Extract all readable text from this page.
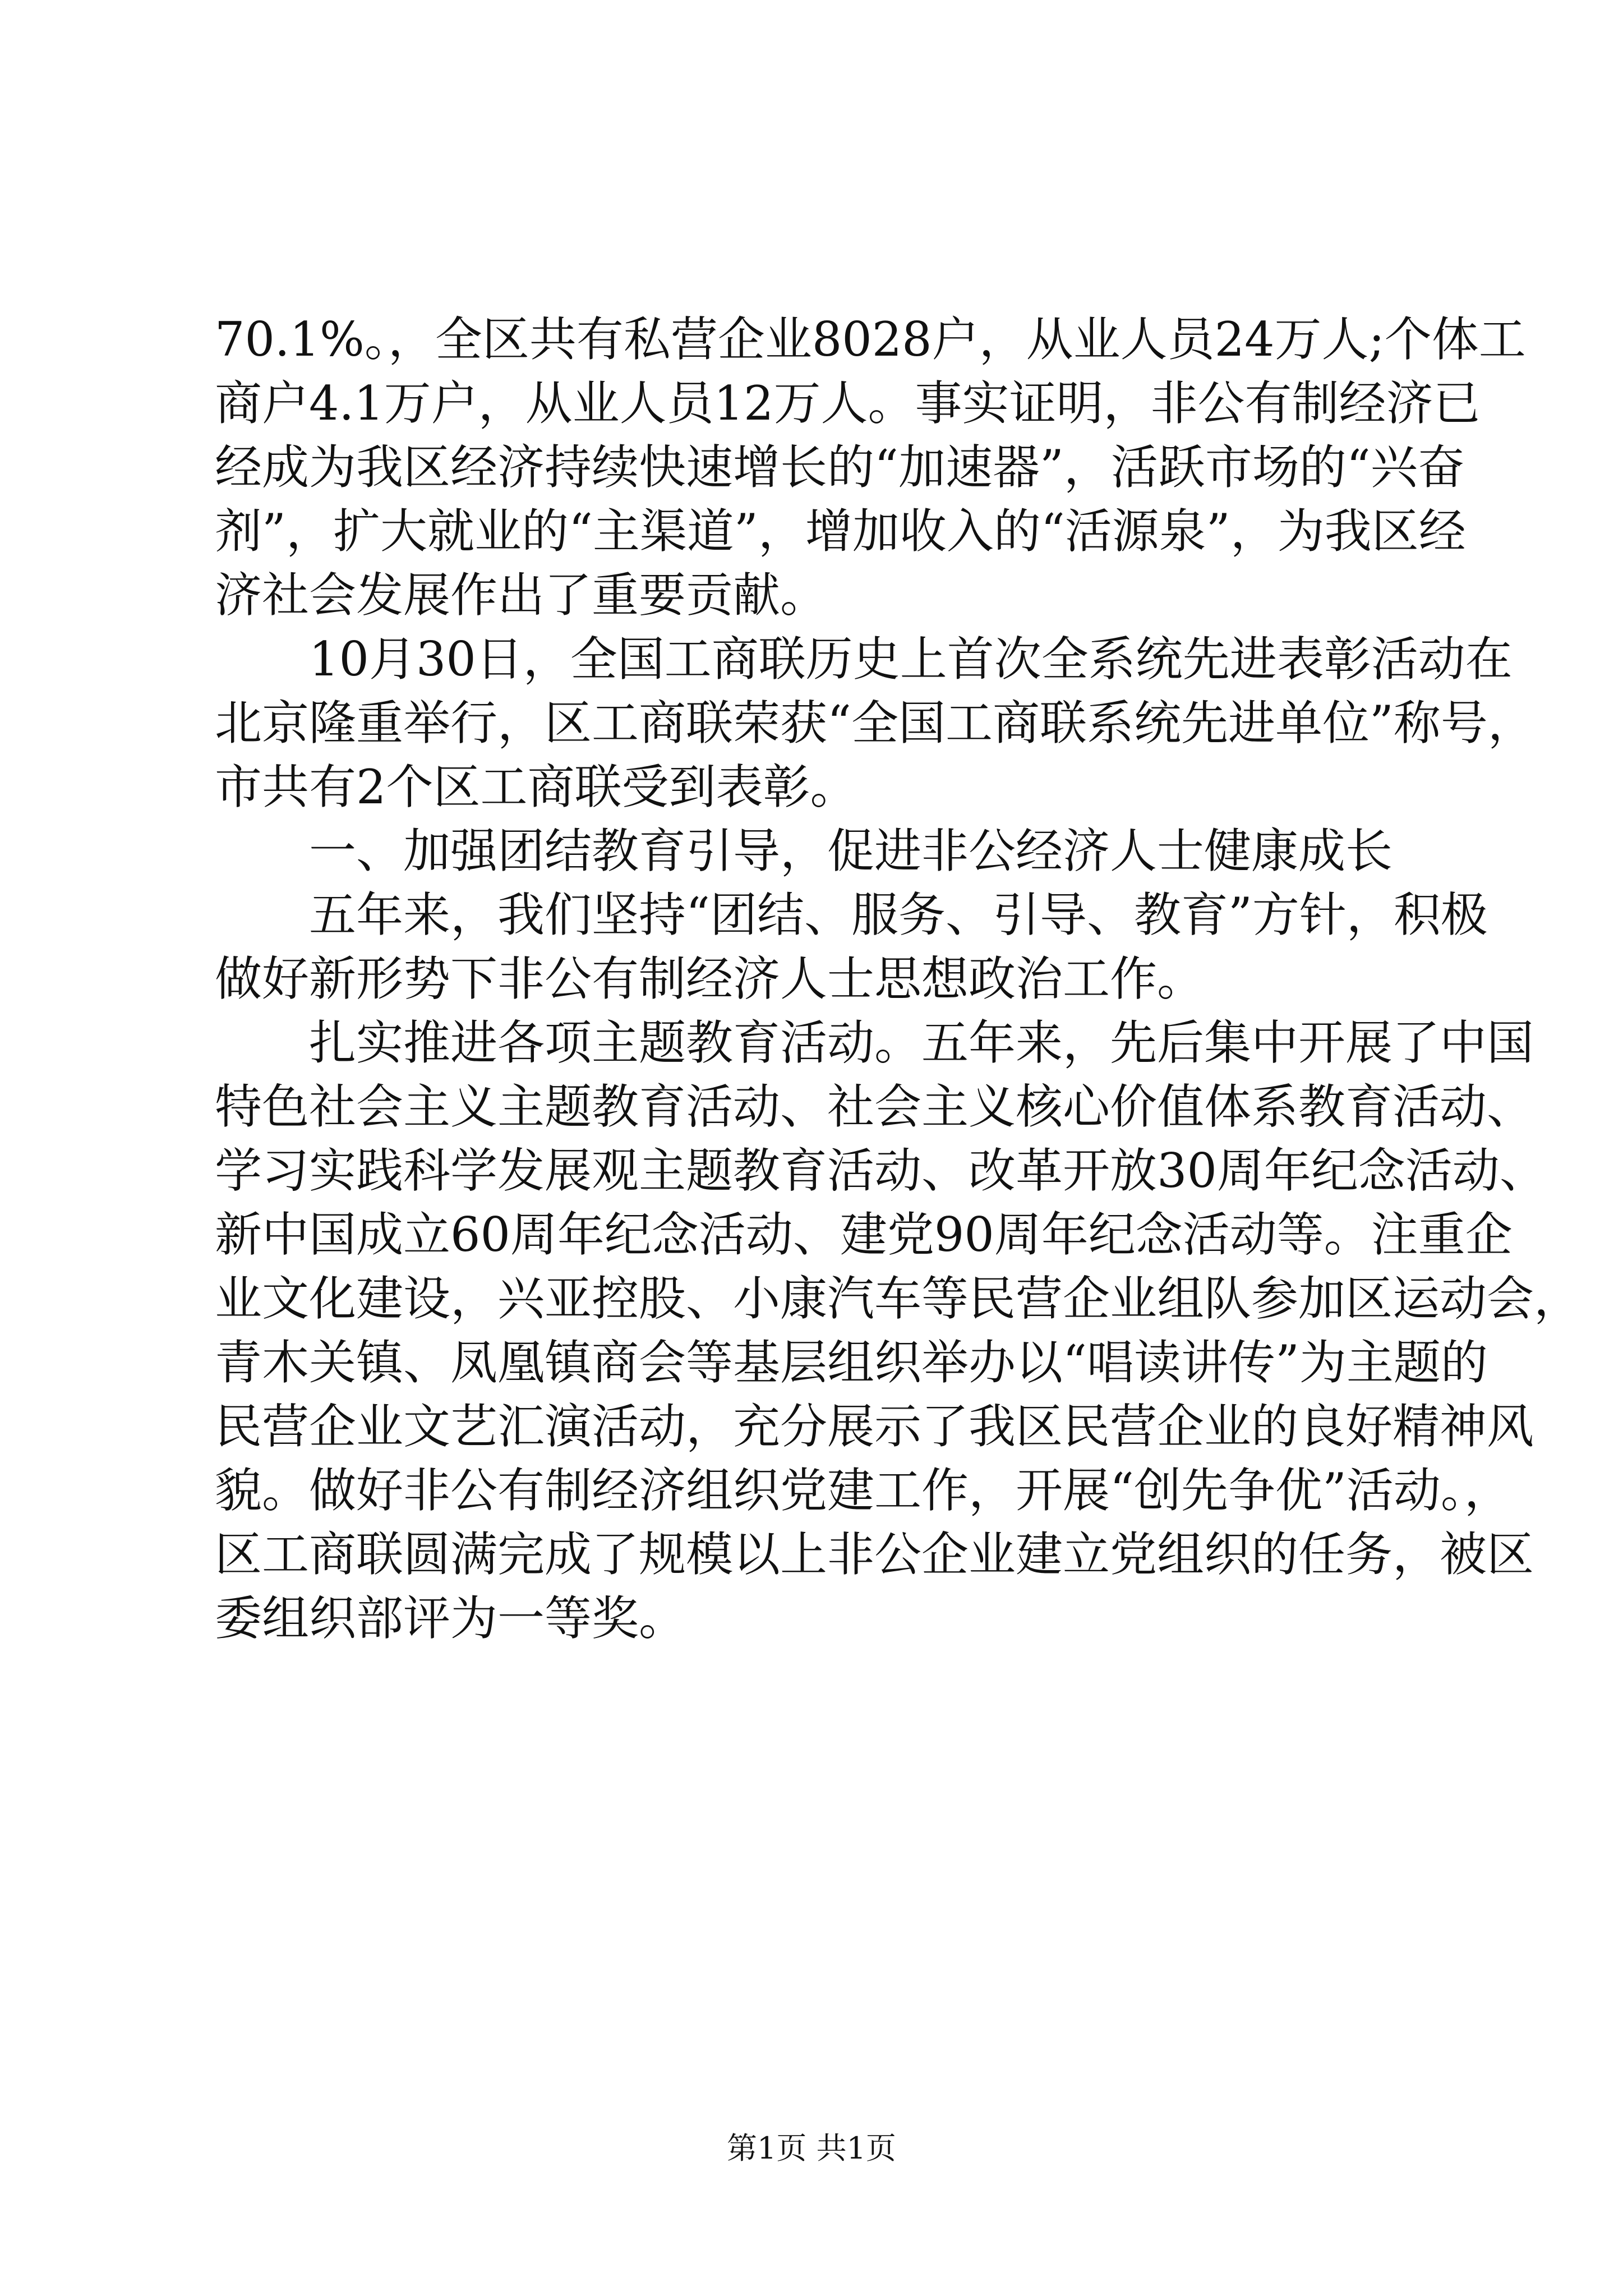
70.1%。，全区共有私营企业8028户，从业人员24万人;个体工

商户4.1万户，从业人员12万人。事实证明，非公有制经济已

经成为我区经济持续快速增长的“加速器”，活跃市场的“兴奋

剂”，扩大就业的“主渠道”，增加收入的“活源泉”，为我区经

济社会发展作出了重要贡献。

10月30日，全国工商联历史上首次全系统先进表彰活动在

北京隆重举行，区工商联荣获“全国工商联系统先进单位”称号，

市共有2个区工商联受到表彰。

一、加强团结教育引导，促进非公经济人士健康成长

五年来，我们坚持“团结、服务、引导、教育”方针，积极

做好新形势下非公有制经济人士思想政治工作。

扎实推进各项主题教育活动。五年来，先后集中开展了中国

特色社会主义主题教育活动、社会主义核心价值体系教育活动、

学习实践科学发展观主题教育活动、改革开放30周年纪念活动、

新中国成立60周年纪念活动、建党90周年纪念活动等。注重企

业文化建设，兴亚控股、小康汽车等民营企业组队参加区运动会，

青木关镇、凤凰镇商会等基层组织举办以“唱读讲传”为主题的

民营企业文艺汇演活动，充分展示了我区民营企业的良好精神风

貌。做好非公有制经济组织党建工作，开展“创先争优”活动。，

区工商联圆满完成了规模以上非公企业建立党组织的任务，被区

委组织部评为一等奖。

第1页 共1页
